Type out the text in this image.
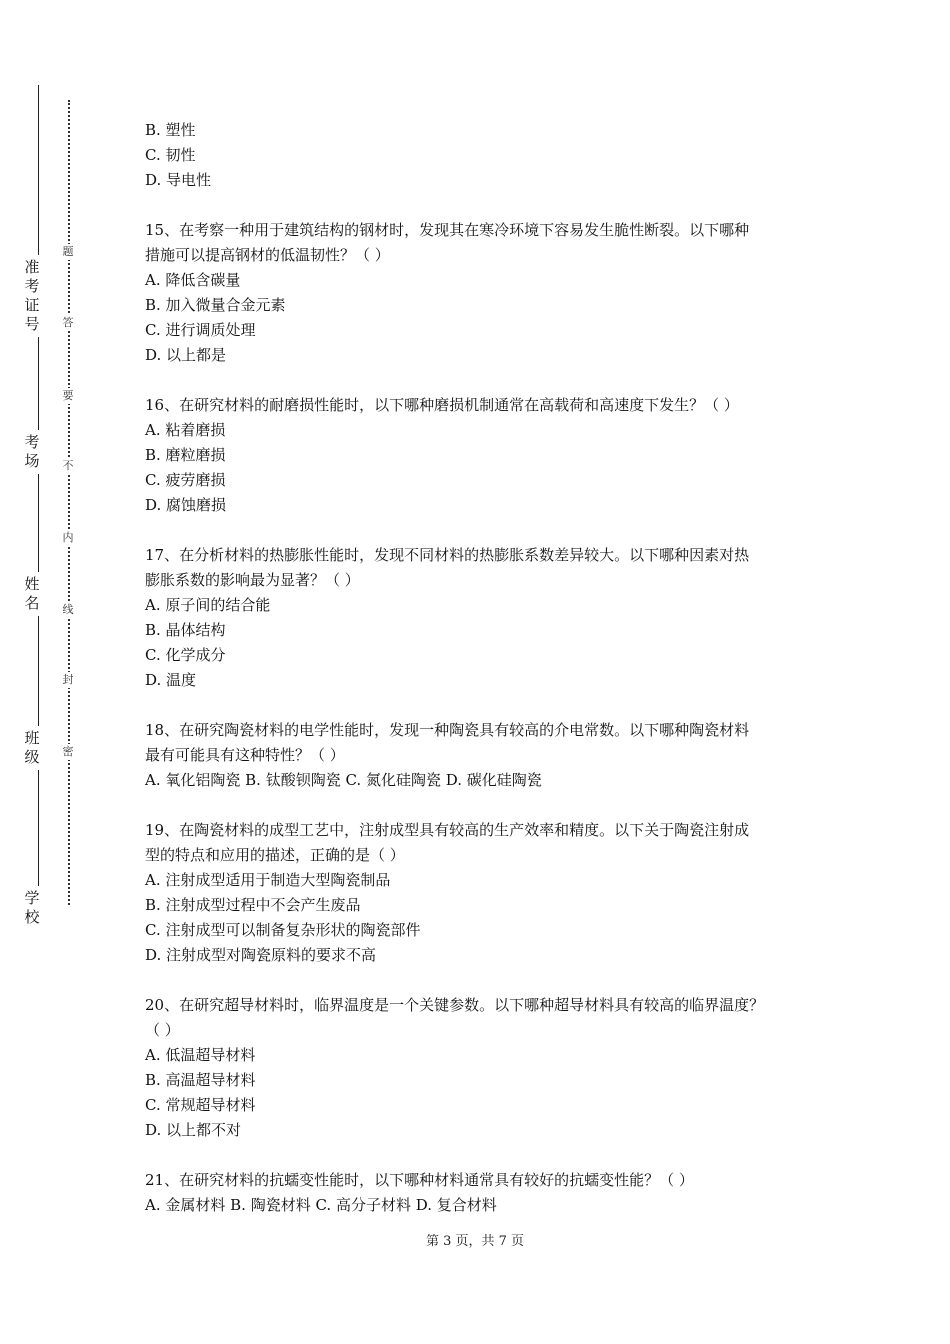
准考证号
考场
姓名
班级
学校
题
答
要
不
内
线
封
密
B. 塑性
C. 韧性
D. 导电性
15、在考察一种用于建筑结构的钢材时，发现其在寒冷环境下容易发生脆性断裂。以下哪种
措施可以提高钢材的低温韧性？（ ）
A. 降低含碳量
B. 加入微量合金元素
C. 进行调质处理
D. 以上都是
16、在研究材料的耐磨损性能时，以下哪种磨损机制通常在高载荷和高速度下发生？（ ）
A. 粘着磨损
B. 磨粒磨损
C. 疲劳磨损
D. 腐蚀磨损
17、在分析材料的热膨胀性能时，发现不同材料的热膨胀系数差异较大。以下哪种因素对热
膨胀系数的影响最为显著？（ ）
A. 原子间的结合能
B. 晶体结构
C. 化学成分
D. 温度
18、在研究陶瓷材料的电学性能时，发现一种陶瓷具有较高的介电常数。以下哪种陶瓷材料
最有可能具有这种特性？（ ）
A. 氧化铝陶瓷 B. 钛酸钡陶瓷 C. 氮化硅陶瓷 D. 碳化硅陶瓷
19、在陶瓷材料的成型工艺中，注射成型具有较高的生产效率和精度。以下关于陶瓷注射成
型的特点和应用的描述，正确的是（ ）
A. 注射成型适用于制造大型陶瓷制品
B. 注射成型过程中不会产生废品
C. 注射成型可以制备复杂形状的陶瓷部件
D. 注射成型对陶瓷原料的要求不高
20、在研究超导材料时，临界温度是一个关键参数。以下哪种超导材料具有较高的临界温度？
（ ）
A. 低温超导材料
B. 高温超导材料
C. 常规超导材料
D. 以上都不对
21、在研究材料的抗蠕变性能时，以下哪种材料通常具有较好的抗蠕变性能？（ ）
A. 金属材料 B. 陶瓷材料 C. 高分子材料 D. 复合材料
第 3 页，共 7 页
